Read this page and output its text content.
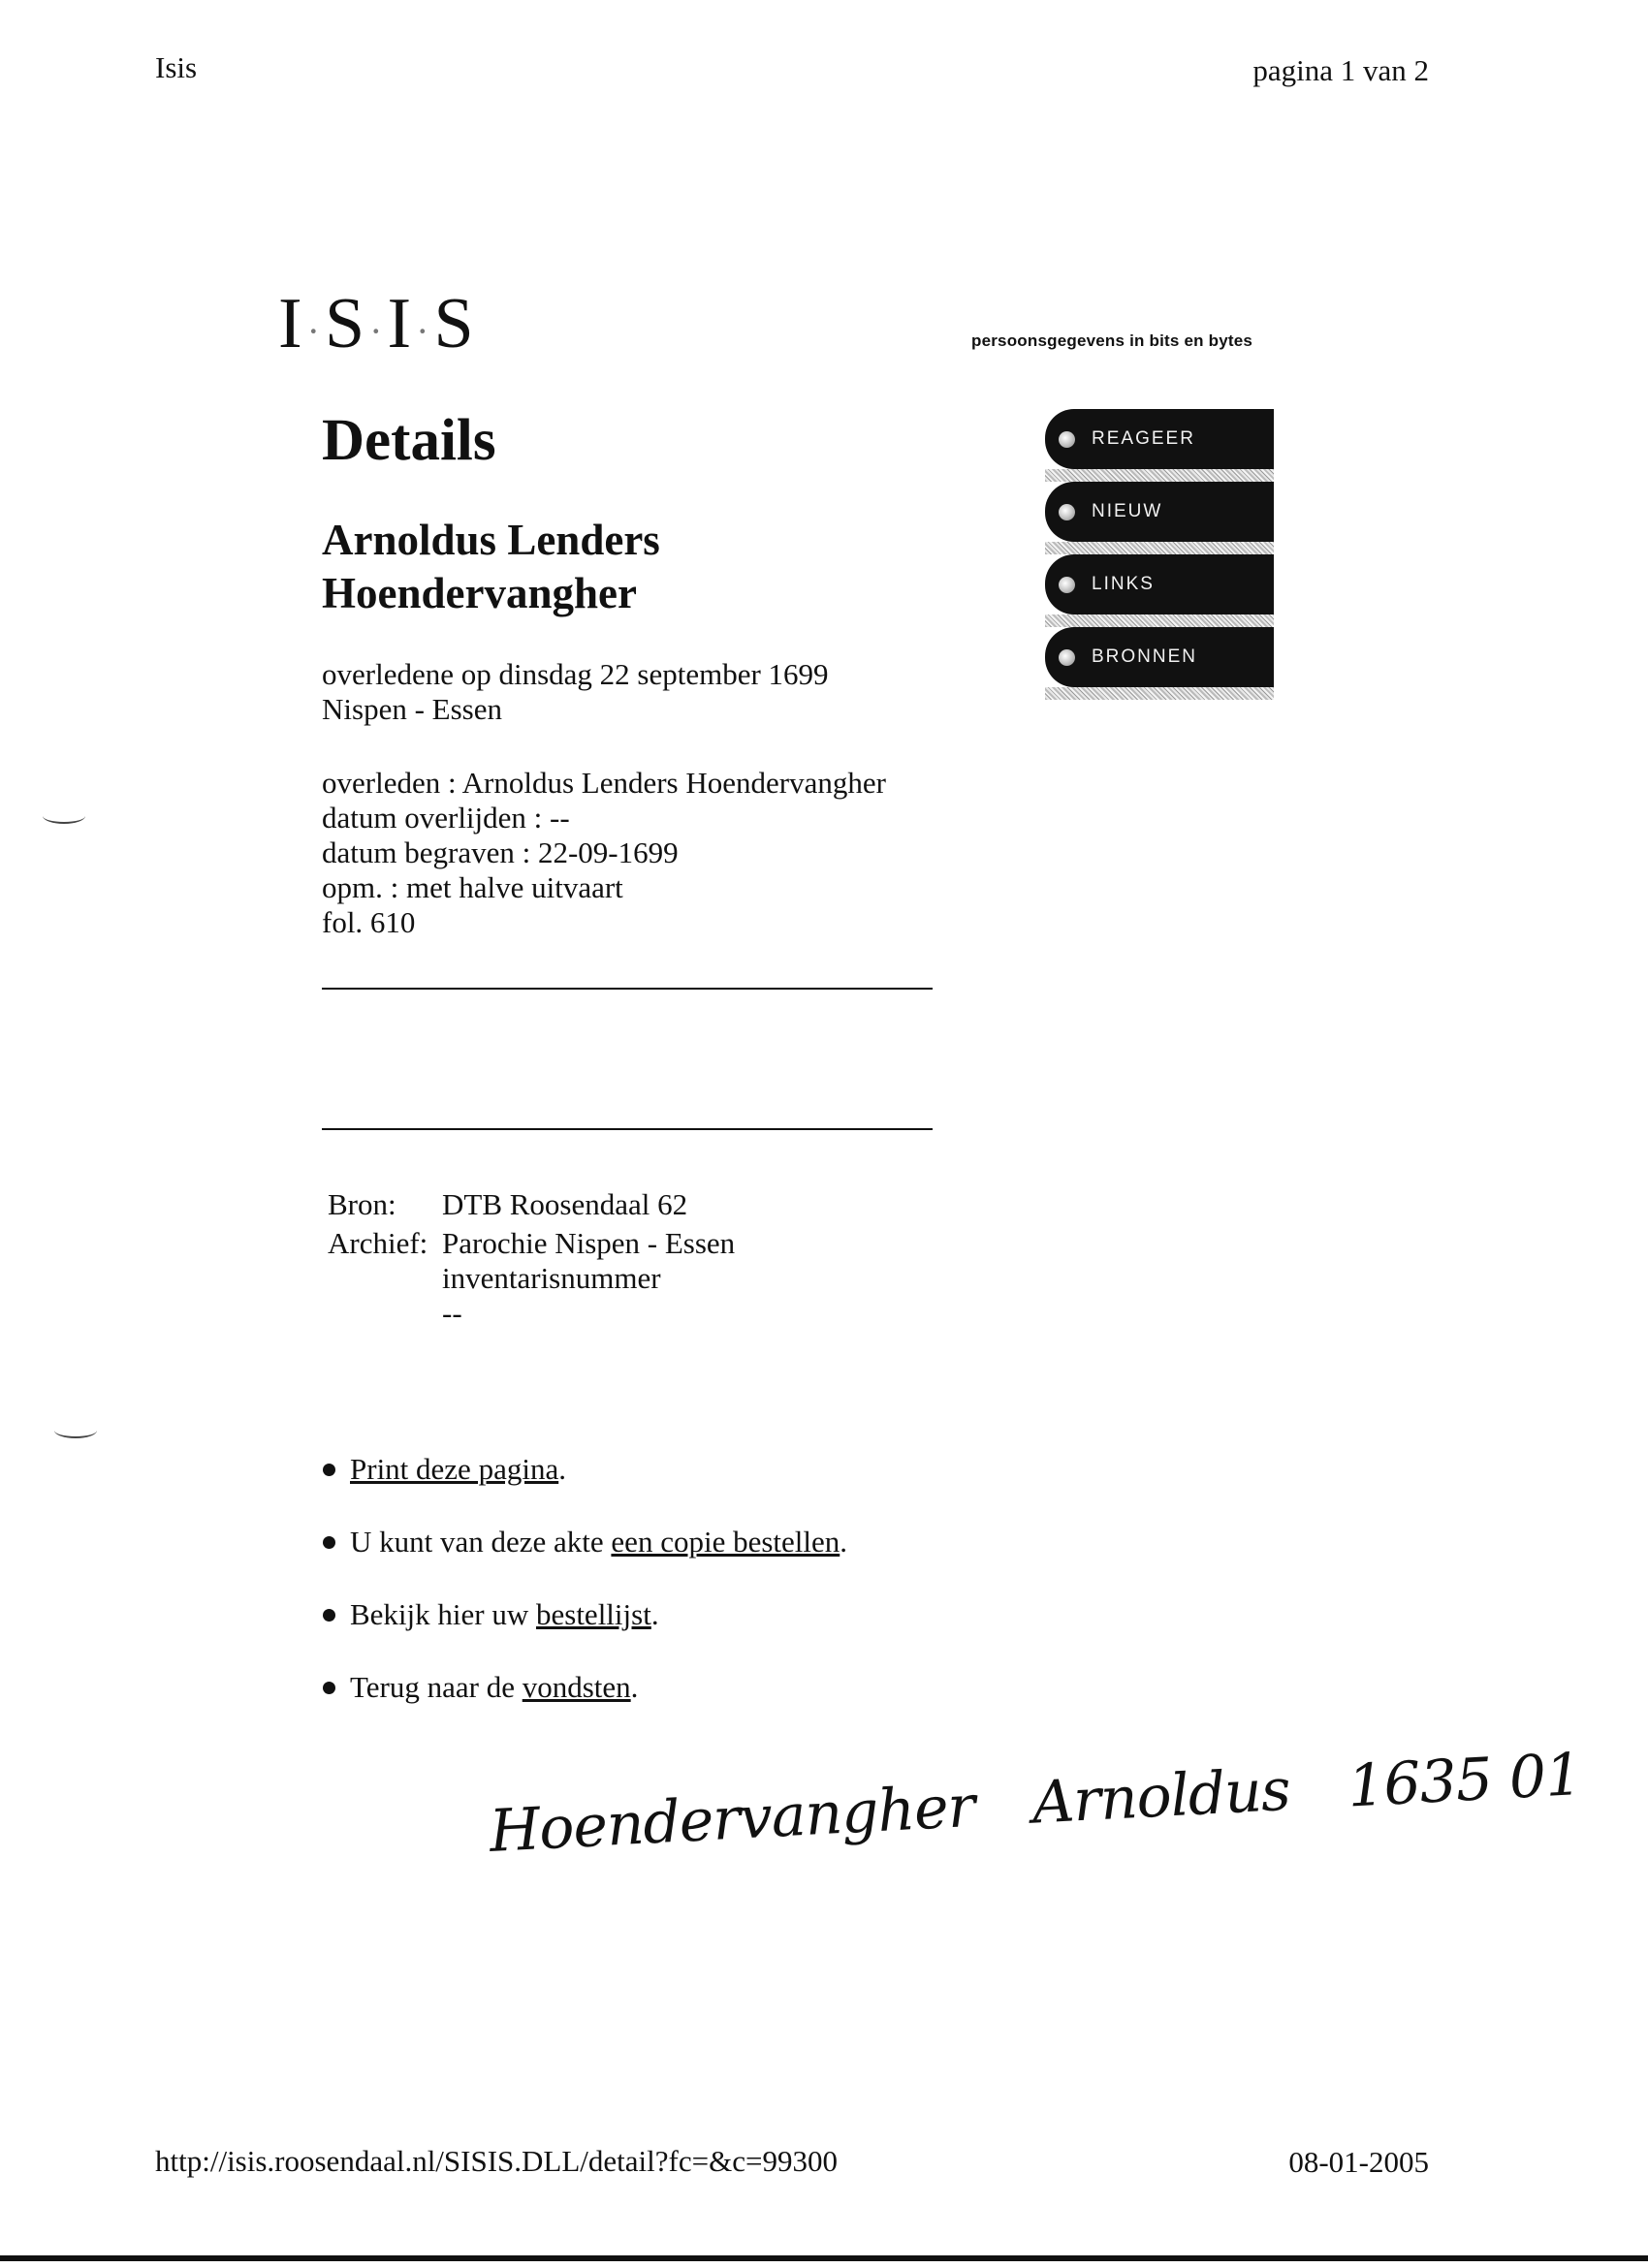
Isis	pagina 1 van 2
I·S·I·S	persoonsgegevens in bits en bytes
REAGEER
NIEUW
LINKS
BRONNEN
Details
Arnoldus Lenders
Hoendervangher
overledene op dinsdag 22 september 1699
Nispen - Essen
overleden : Arnoldus Lenders Hoendervangher
datum overlijden : --
datum begraven : 22-09-1699
opm. : met halve uitvaart
fol. 610
Bron:	DTB Roosendaal 62
Archief:	Parochie Nispen - Essen
inventarisnummer
--
Print deze pagina .
U kunt van deze akte een copie bestellen .
Bekijk hier uw bestellijst .
Terug naar de vondsten .
Hoendervangher Arnoldus 1635 01
http://isis.roosendaal.nl/SISIS.DLL/detail?fc=&c=99300	08-01-2005
